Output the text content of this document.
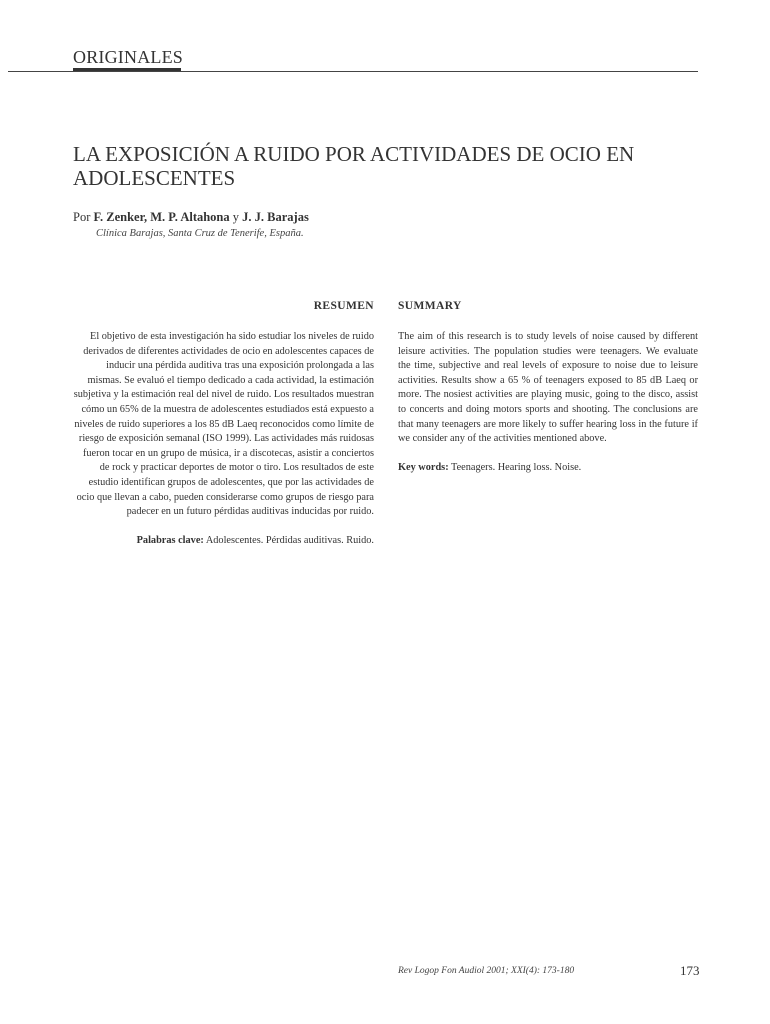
ORIGINALES
LA EXPOSICIÓN A RUIDO POR ACTIVIDADES DE OCIO EN ADOLESCENTES
Por F. Zenker, M. P. Altahona y J. J. Barajas
Clínica Barajas, Santa Cruz de Tenerife, España.
RESUMEN

El objetivo de esta investigación ha sido estudiar los niveles de ruido derivados de diferentes actividades de ocio en adolescentes capaces de inducir una pérdida auditiva tras una exposición prolongada a las mismas. Se evaluó el tiempo dedicado a cada actividad, la estimación subjetiva y la estimación real del nivel de ruido. Los resultados muestran cómo un 65% de la muestra de adolescentes estudiados está expuesto a niveles de ruido superiores a los 85 dB Laeq reconocidos como límite de riesgo de exposición semanal (ISO 1999). Las actividades más ruidosas fueron tocar en un grupo de música, ir a discotecas, asistir a conciertos de rock y practicar deportes de motor o tiro. Los resultados de este estudio identifican grupos de adolescentes, que por las actividades de ocio que llevan a cabo, pueden considerarse como grupos de riesgo para padecer en un futuro pérdidas auditivas inducidas por ruido.

Palabras clave: Adolescentes. Pérdidas auditivas. Ruido.

SUMMARY

The aim of this research is to study levels of noise caused by different leisure activities. The population studies were teenagers. We evaluate the time, subjective and real levels of exposure to noise due to leisure activities. Results show a 65 % of teenagers exposed to 85 dB Laeq or more. The nosiest activities are playing music, going to the disco, assist to concerts and doing motors sports and shooting. The conclusions are that many teenagers are more likely to suffer hearing loss in the future if we consider any of the activities mentioned above.

Key words: Teenagers. Hearing loss. Noise.

Rev Logop Fon Audiol 2001; XXI(4): 173-180	173
